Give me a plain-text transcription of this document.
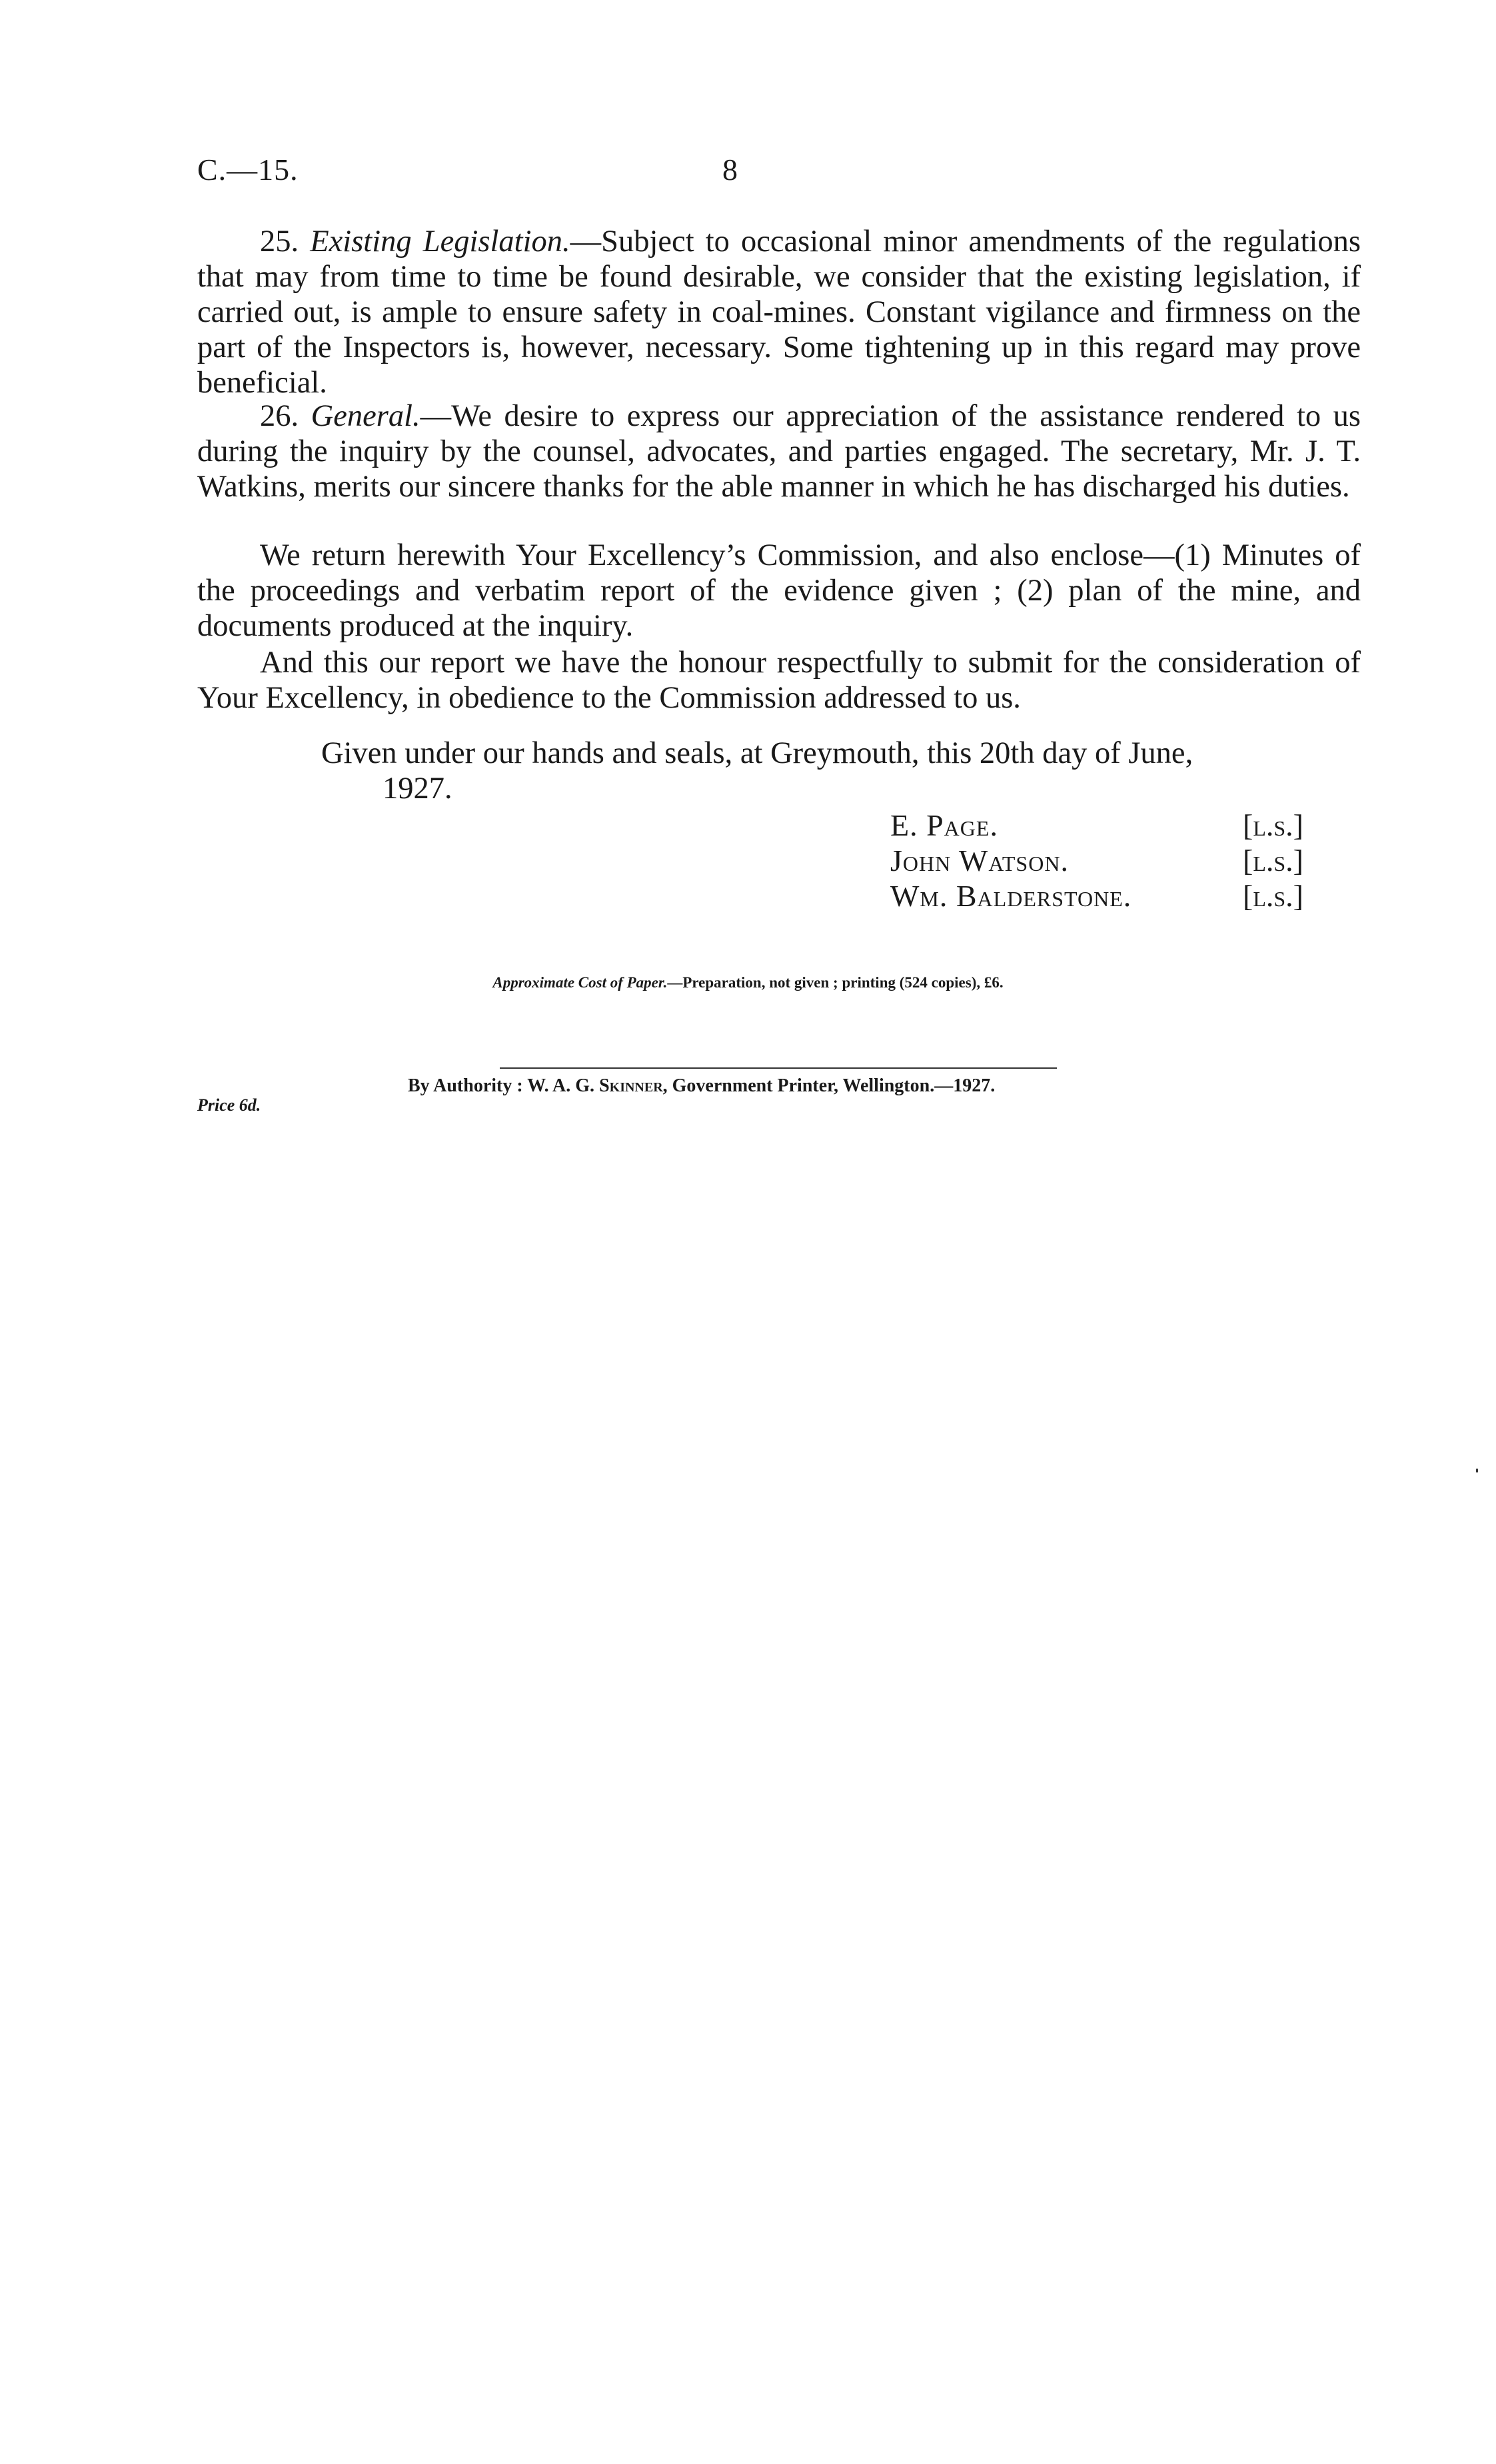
C.—15.	8

25. Existing Legislation.—Subject to occasional minor amendments of the regulations that may from time to time be found desirable, we consider that the existing legislation, if carried out, is ample to ensure safety in coal-mines. Constant vigilance and firmness on the part of the Inspectors is, however, necessary. Some tightening up in this regard may prove beneficial.

26. General.—We desire to express our appreciation of the assistance rendered to us during the inquiry by the counsel, advocates, and parties engaged. The secretary, Mr. J. T. Watkins, merits our sincere thanks for the able manner in which he has discharged his duties.

We return herewith Your Excellency’s Commission, and also enclose—(1) Minutes of the proceedings and verbatim report of the evidence given ; (2) plan of the mine, and documents produced at the inquiry.

And this our report we have the honour respectfully to submit for the consideration of Your Excellency, in obedience to the Commission addressed to us.

Given under our hands and seals, at Greymouth, this 20th day of June,
1927.
E. Page.	[l.s.]
John Watson.	[l.s.]
Wm. Balderstone.	[l.s.]
Approximate Cost of Paper.—Preparation, not given ; printing (524 copies), £6.
By Authority : W. A. G. Skinner, Government Printer, Wellington.—1927.
Price 6d.
